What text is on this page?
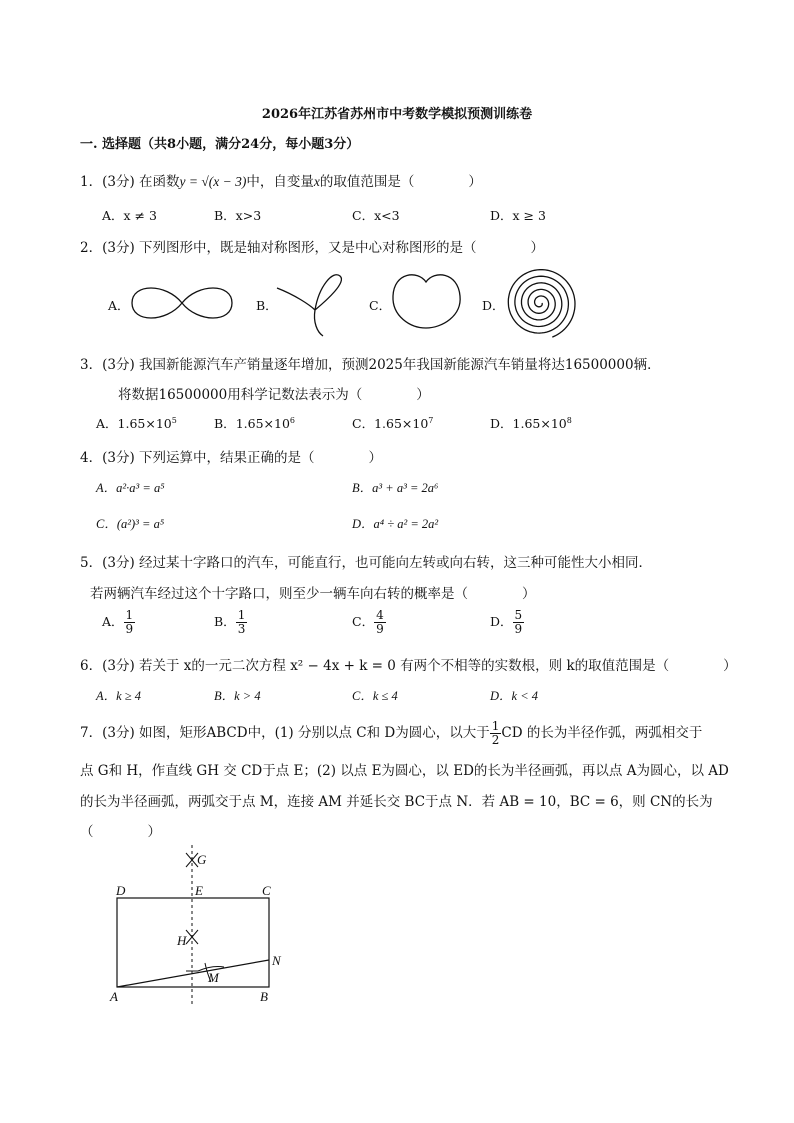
2026年江苏省苏州市中考数学模拟预测训练卷
一. 选择题（共8小题，满分24分，每小题3分）
1．(3分) 在函数y = √(x − 3)中，自变量x的取值范围是（　　　　）
A．x ≠ 3	B．x>3	C．x<3	D．x ≥ 3
2．(3分) 下列图形中，既是轴对称图形，又是中心对称图形的是（　　　　）
A．	B．	C．	D．
3．(3分) 我国新能源汽车产销量逐年增加，预测2025年我国新能源汽车销量将达16500000辆．
将数据16500000用科学记数法表示为（　　　　）
A．$1.65\times 10^5$	B．$1.65\times 10^6$	C．$1.65\times 10^7$	D．$1.65\times 10^8$
4．(3分) 下列运算中，结果正确的是（　　　　）
A．a²·a³ = a⁵	B．a³ + a³ = 2a⁶
C．(a²)³ = a⁵	D．a⁴ ÷ a² = 2a²
5．(3分) 经过某十字路口的汽车，可能直行，也可能向左转或向右转，这三种可能性大小相同．
若两辆汽车经过这个十字路口，则至少一辆车向右转的概率是（　　　　）
A． $\frac{1}{9}$	B． $\frac{1}{3}$	C． $\frac{4}{9}$	D． $\frac{5}{9}$
6．(3分) 若关于 x的一元二次方程 x² − 4x + k = 0 有两个不相等的实数根，则 k的取值范围是（　　　　）
A．k ≥ 4	B．k > 4	C．k ≤ 4	D．k < 4
7．(3分) 如图，矩形ABCD中，(1) 分别以点 C和 D为圆心，以大于 $\frac{1}{2}$ CD 的长为半径作弧，两弧相交于
点 G和 H，作直线 GH 交 CD于点 E；(2) 以点 E为圆心，以 ED的长为半径画弧，再以点 A为圆心，以 AD
的长为半径画弧，两弧交于点 M，连接 AM 并延长交 BC于点 N．若 AB = 10，BC = 6，则 CN的长为
（　　　　）
G
D	E	C
H
N
M
A	B
